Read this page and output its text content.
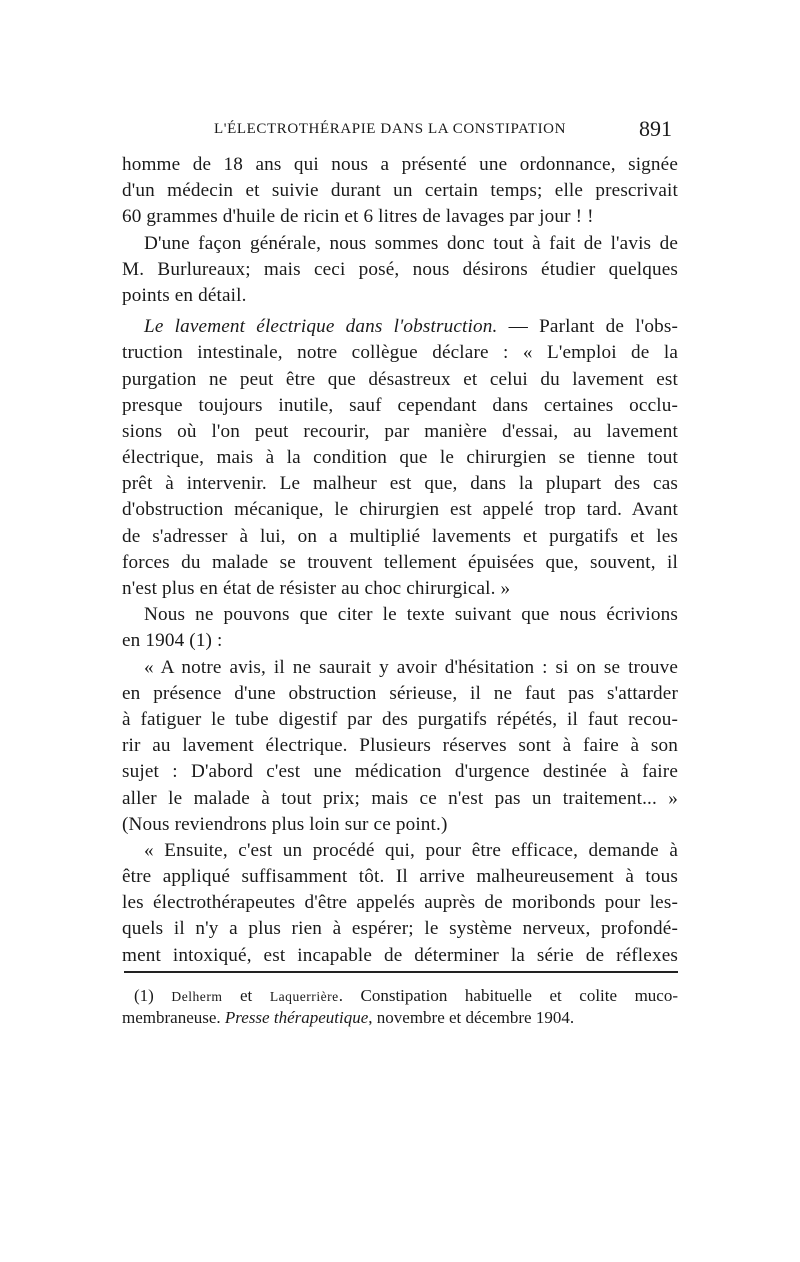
L'ÉLECTROTHÉRAPIE DANS LA CONSTIPATION	891
homme de 18 ans qui nous a présenté une ordonnance, signée
d'un médecin et suivie durant un certain temps; elle prescrivait
60 grammes d'huile de ricin et 6 litres de lavages par jour ! !
D'une façon générale, nous sommes donc tout à fait de l'avis de
M. Burlureaux; mais ceci posé, nous désirons étudier quelques
points en détail.
Le lavement électrique dans l'obstruction. — Parlant de l'obs-
truction intestinale, notre collègue déclare : « L'emploi de la
purgation ne peut être que désastreux et celui du lavement est
presque toujours inutile, sauf cependant dans certaines occlu-
sions où l'on peut recourir, par manière d'essai, au lavement
électrique, mais à la condition que le chirurgien se tienne tout
prêt à intervenir. Le malheur est que, dans la plupart des cas
d'obstruction mécanique, le chirurgien est appelé trop tard. Avant
de s'adresser à lui, on a multiplié lavements et purgatifs et les
forces du malade se trouvent tellement épuisées que, souvent, il
n'est plus en état de résister au choc chirurgical. »
Nous ne pouvons que citer le texte suivant que nous écrivions
en 1904 (1) :
« A notre avis, il ne saurait y avoir d'hésitation : si on se trouve
en présence d'une obstruction sérieuse, il ne faut pas s'attarder
à fatiguer le tube digestif par des purgatifs répétés, il faut recou-
rir au lavement électrique. Plusieurs réserves sont à faire à son
sujet : D'abord c'est une médication d'urgence destinée à faire
aller le malade à tout prix; mais ce n'est pas un traitement... »
(Nous reviendrons plus loin sur ce point.)
« Ensuite, c'est un procédé qui, pour être efficace, demande à
être appliqué suffisamment tôt. Il arrive malheureusement à tous
les électrothérapeutes d'être appelés auprès de moribonds pour les-
quels il n'y a plus rien à espérer; le système nerveux, profondé-
ment intoxiqué, est incapable de déterminer la série de réflexes
(1) Delherm et Laquerrière. Constipation habituelle et colite muco-
membraneuse. Presse thérapeutique, novembre et décembre 1904.
